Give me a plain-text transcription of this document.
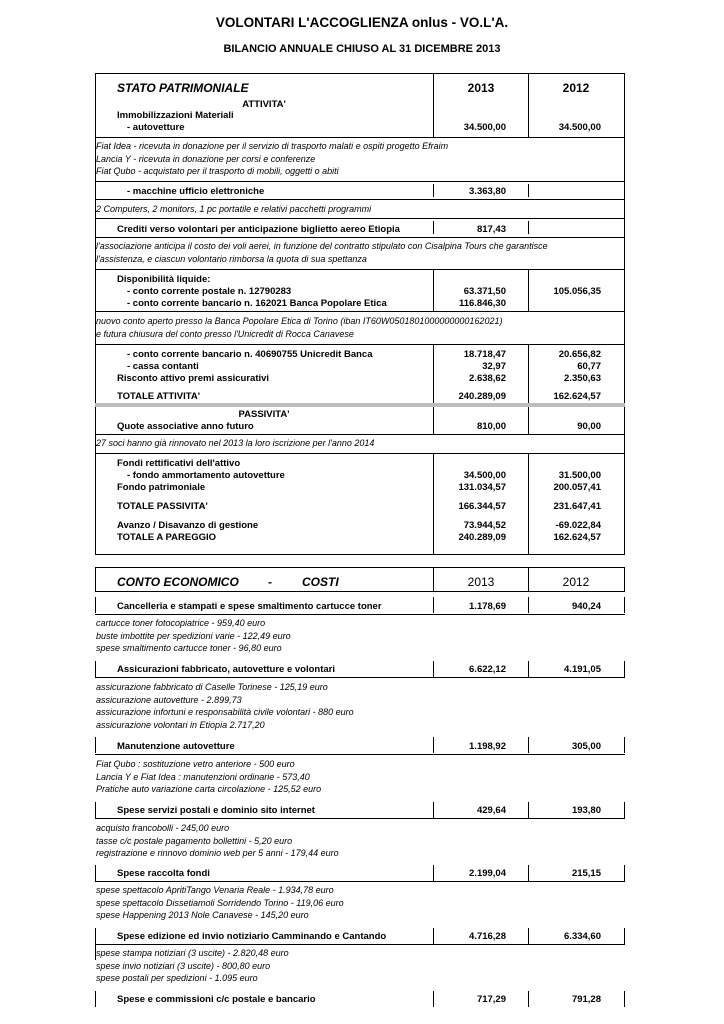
VOLONTARI L'ACCOGLIENZA onlus - VO.L'A.
BILANCIO ANNUALE CHIUSO AL 31 DICEMBRE 2013
STATO PATRIMONIALE	2013	2012
ATTIVITA'
Immobilizzazioni Materiali
- autovetture	34.500,00	34.500,00
Fiat Idea - ricevuta in donazione per il servizio di trasporto malati e ospiti progetto Efraim
Lancia Y - ricevuta in donazione per corsi e conferenze
Fiat Qubo - acquistato per il trasporto di mobili, oggetti o abiti
- macchine ufficio elettroniche	3.363,80
2 Computers, 2 monitors, 1 pc portatile e relativi pacchetti programmi
Crediti verso volontari per anticipazione biglietto aereo Etiopia	817,43
l'associazione anticipa il costo dei voli aerei, in funzione del contratto stipulato con Cisalpina Tours che garantisce
l'assistenza, e ciascun volontario rimborsa la quota di sua spettanza
Disponibilità liquide:
- conto corrente postale n. 12790283	63.371,50	105.056,35
- conto corrente bancario n. 162021 Banca Popolare Etica	116.846,30
nuovo conto aperto presso la Banca Popolare Etica di Torino (iban IT60W0501801000000000162021)
e futura chiusura del conto presso l'Unicredit di Rocca Canavese
- conto corrente bancario n. 40690755 Unicredit Banca	18.718,47	20.656,82
- cassa contanti	32,97	60,77
Risconto attivo premi assicurativi	2.638,62	2.350,63
TOTALE ATTIVITA'	240.289,09	162.624,57
PASSIVITA'
Quote associative anno futuro	810,00	90,00
27 soci hanno già rinnovato nel 2013 la loro iscrizione per l'anno 2014
Fondi rettificativi dell'attivo
- fondo ammortamento autovetture	34.500,00	31.500,00
Fondo patrimoniale	131.034,57	200.057,41
TOTALE PASSIVITA'	166.344,57	231.647,41
Avanzo / Disavanzo di gestione	73.944,52	-69.022,84
TOTALE A PAREGGIO	240.289,09	162.624,57
CONTO ECONOMICO -	COSTI	2013	2012
Cancelleria e stampati e spese smaltimento cartucce toner	1.178,69	940,24
cartucce toner fotocopiatrice - 959,40 euro
buste imbottite per spedizioni varie - 122,49 euro
spese smaltimento cartucce toner - 96,80 euro
Assicurazioni fabbricato, autovetture e volontari	6.622,12	4.191,05
assicurazione fabbricato di Caselle Torinese - 125,19 euro
assicurazione autovetture - 2.899,73
assicurazione infortuni e responsabilità civile volontari - 880 euro
assicurazione volontari in Etiopia 2.717,20
Manutenzione autovetture	1.198,92	305,00
Fiat Qubo : sostituzione vetro anteriore - 500 euro
Lancia Y e Fiat Idea : manutenzioni ordinarie - 573,40
Pratiche auto variazione carta circolazione - 125,52 euro
Spese servizi postali e dominio sito internet	429,64	193,80
acquisto francobolli - 245,00 euro
tasse c/c postale pagamento bollettini - 5,20 euro
registrazione e rinnovo dominio web per 5 anni - 179,44 euro
Spese raccolta fondi	2.199,04	215,15
spese spettacolo ApritiTango Venaria Reale - 1.934,78 euro
spese spettacolo Dissetiamoli Sorridendo Torino - 119,06 euro
spese Happening 2013 Nole Canavese - 145,20 euro
Spese edizione ed invio notiziario Camminando e Cantando	4.716,28	6.334,60
spese stampa notiziari (3 uscite) - 2.820,48 euro
spese invio notiziari (3 uscite) - 800,80 euro
spese postali per spedizioni - 1.095 euro
Spese e commissioni c/c postale e bancario	717,29	791,28
